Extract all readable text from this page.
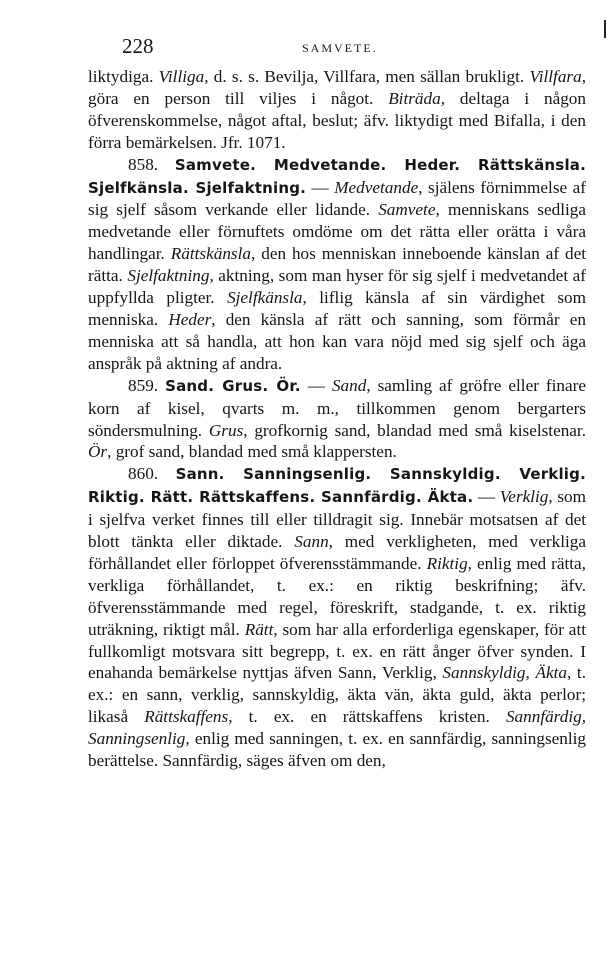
228	SAMVETE.

liktydiga. Villiga, d. s. s. Bevilja, Villfara, men sällan brukligt. Villfara, göra en person till viljes i något. Biträda, deltaga i någon öfverenskommelse, något aftal, beslut; äfv. liktydigt med Bifalla, i den förra bemärkelsen. Jfr. 1071.

858. Samvete. Medvetande. Heder. Rättskänsla. Sjelfkänsla. Sjelfaktning. — Medvetande, själens förnimmelse af sig sjelf såsom verkande eller lidande. Samvete, menniskans sedliga medvetande eller förnuftets omdöme om det rätta eller orätta i våra handlingar. Rättskänsla, den hos menniskan inneboende känslan af det rätta. Sjelfaktning, aktning, som man hyser för sig sjelf i medvetandet af uppfyllda pligter. Sjelfkänsla, liflig känsla af sin värdighet som menniska. Heder, den känsla af rätt och sanning, som förmår en menniska att så handla, att hon kan vara nöjd med sig sjelf och äga anspråk på aktning af andra.

859. Sand. Grus. Ör. — Sand, samling af gröfre eller finare korn af kisel, qvarts m. m., tillkommen genom bergarters söndersmulning. Grus, grofkornig sand, blandad med små kiselstenar. Ör, grof sand, blandad med små klappersten.

860. Sann. Sanningsenlig. Sannskyldig. Verklig. Riktig. Rätt. Rättskaffens. Sannfärdig. Äkta. — Verklig, som i sjelfva verket finnes till eller tilldragit sig. Innebär motsatsen af det blott tänkta eller diktade. Sann, med verkligheten, med verkliga förhållandet eller förloppet öfverensstämmande. Riktig, enlig med rätta, verkliga förhållandet, t. ex.: en riktig beskrifning; äfv. öfverensstämmande med regel, föreskrift, stadgande, t. ex. riktig uträkning, riktigt mål. Rätt, som har alla erforderliga egenskaper, för att fullkomligt motsvara sitt begrepp, t. ex. en rätt ånger öfver synden. I enahanda bemärkelse nyttjas äfven Sann, Verklig, Sannskyldig, Äkta, t. ex.: en sann, verklig, sannskyldig, äkta vän, äkta guld, äkta perlor; likaså Rättskaffens, t. ex. en rättskaffens kristen. Sannfärdig, Sanningsenlig, enlig med sanningen, t. ex. en sannfärdig, sanningsenlig berättelse. Sannfärdig, säges äfven om den,
